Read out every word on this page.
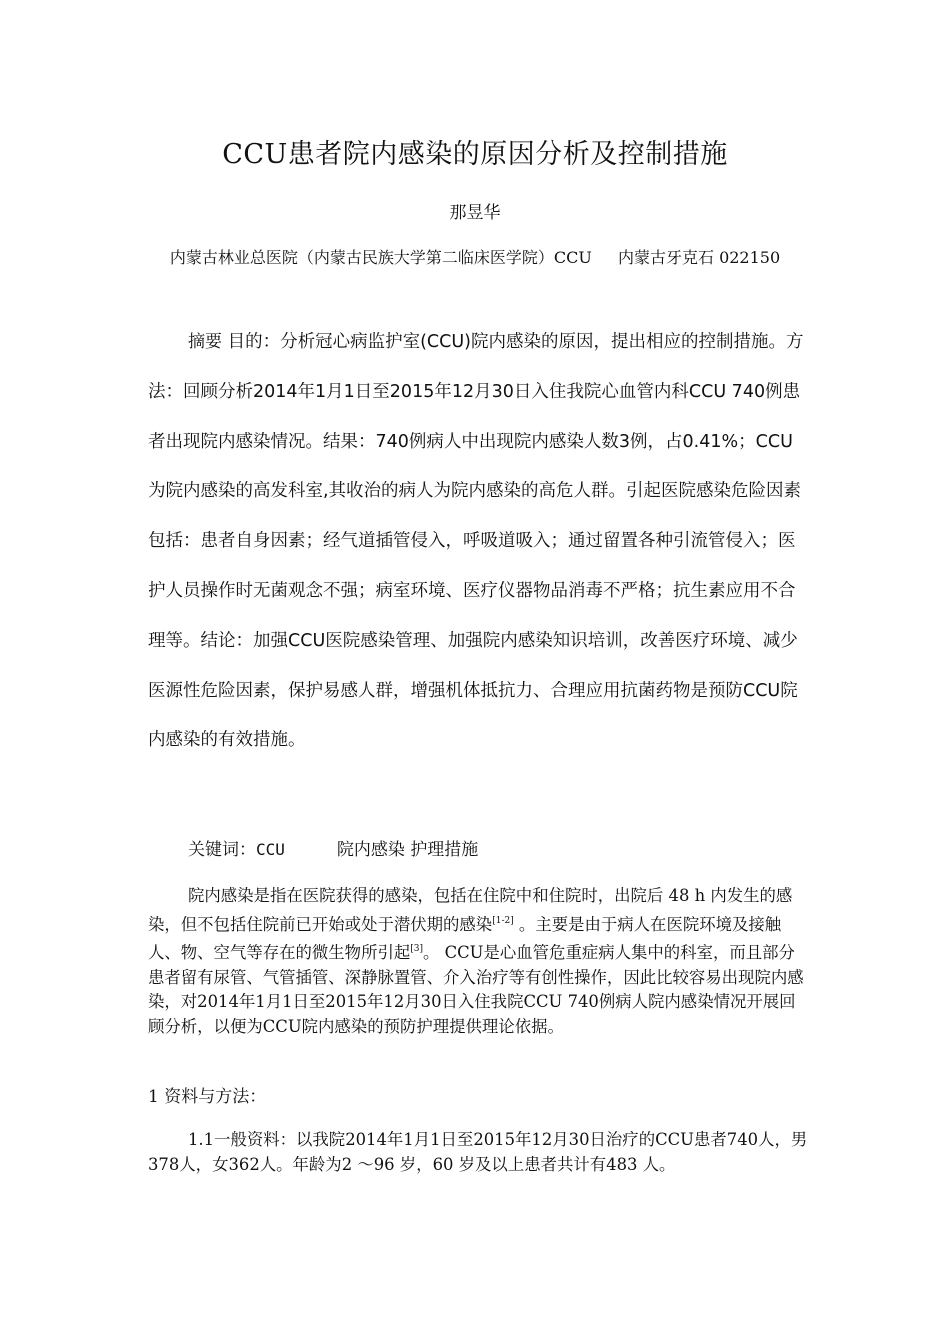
CCU患者院内感染的原因分析及控制措施
那昱华
内蒙古林业总医院（内蒙古民族大学第二临床医学院）CCU 　 内蒙古牙克石 022150
摘要 目的：分析冠心病监护室(CCU)院内感染的原因，提出相应的控制措施。方法：回顾分析2014年1月1日至2015年12月30日入住我院心血管内科CCU 740例患者出现院内感染情况。结果：740例病人中出现院内感染人数3例，占0.41%；CCU为院内感染的高发科室,其收治的病人为院内感染的高危人群。引起医院感染危险因素包括：患者自身因素；经气道插管侵入，呼吸道吸入；通过留置各种引流管侵入；医护人员操作时无菌观念不强；病室环境、医疗仪器物品消毒不严格；抗生素应用不合理等。结论：加强CCU医院感染管理、加强院内感染知识培训，改善医疗环境、减少医源性危险因素，保护易感人群，增强机体抵抗力、合理应用抗菌药物是预防CCU院内感染的有效措施。
关键词：CCU	院内感染 护理措施
院内感染是指在医院获得的感染，包括在住院中和住院时，出院后 48 h 内发生的感染，但不包括住院前已开始或处于潜伏期的感染[1-2] 。主要是由于病人在医院环境及接触人、物、空气等存在的微生物所引起[3]。 CCU是心血管危重症病人集中的科室，而且部分患者留有尿管、气管插管、深静脉置管、介入治疗等有创性操作，因此比较容易出现院内感染，对2014年1月1日至2015年12月30日入住我院CCU 740例病人院内感染情况开展回顾分析，以便为CCU院内感染的预防护理提供理论依据。
1 资料与方法：
1.1一般资料：以我院2014年1月1日至2015年12月30日治疗的CCU患者740人，男378人，女362人。年龄为2 ～96 岁，60 岁及以上患者共计有483 人。
